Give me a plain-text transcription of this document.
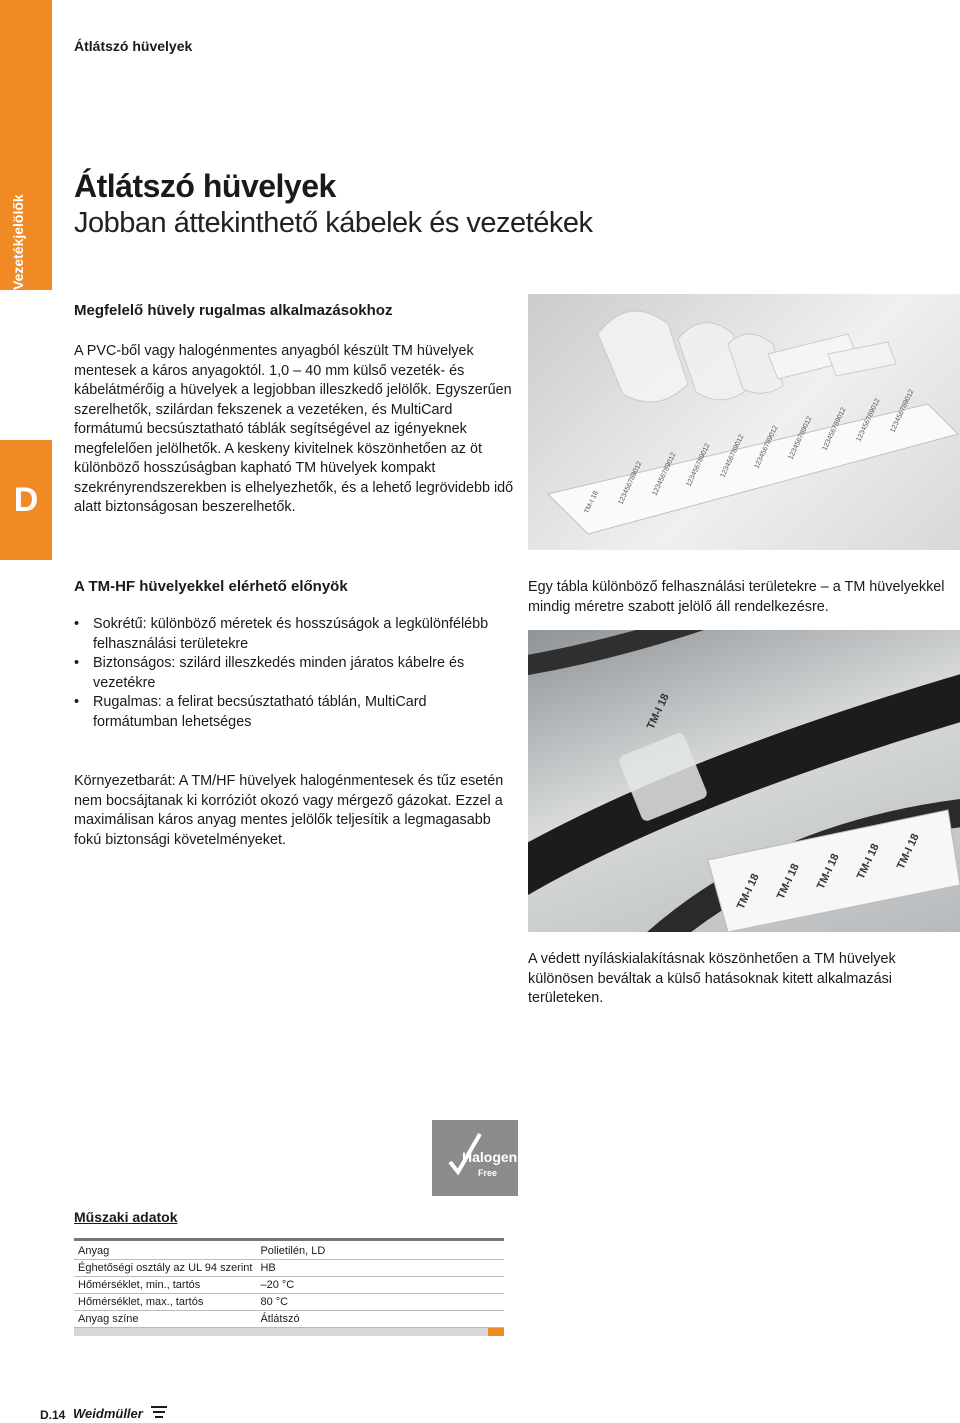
Vezetékjelölők
D
Átlátszó hüvelyek
Átlátszó hüvelyek
Jobban áttekinthető kábelek és vezetékek
Megfelelő hüvely rugalmas alkalmazásokhoz

A PVC-ből vagy halogénmentes anyagból készült TM hüvelyek mentesek a káros anyagoktól. 1,0 – 40 mm külső vezeték- és kábelátmérőig a hüvelyek a legjobban illeszkedő jelölők. Egyszerűen szerelhetők, szilárdan fekszenek a vezetéken, és MultiCard formátumú becsúsztatható táblák segítségével az igényeknek megfelelően jelölhetők. A keskeny kivitelnek köszönhetően az öt különböző hosszúságban kapható TM hüvelyek kompakt szekrényrendszerekben is elhelyezhetők, és a lehető legrövidebb idő alatt biztonságosan beszerelhetők.	TM-I 18 123456789012 123456789012 123456789012 123456789012 123456789012 123456789012 123456789012 123456789012 123456789012

Egy tábla különböző felhasználási területekre – a TM hüvelyekkel mindig méretre szabott jelölő áll rendelkezésre.

A TM-HF hüvelyekkel elérhető előnyök
• Sokrétű: különböző méretek és hosszúságok a legkülönfélébb felhasználási területekre
• Biztonságos: szilárd illeszkedés minden járatos kábelre és vezetékre
• Rugalmas: a felirat becsúsztatható táblán, MultiCard formátumban lehetséges	TM-I 18
TM-I 18 TM-I 18 TM-I 18 TM-I 18 TM-I 18

A védett nyíláskialakításnak köszönhetően a TM hüvelyek különösen beváltak a külső hatásoknak kitett alkalmazási területeken.

Környezetbarát: A TM/HF hüvelyek halogénmentesek és tűz esetén nem bocsájtanak ki korróziót okozó vagy mérgező gázokat. Ezzel a maximálisan káros anyag mentes jelölők teljesítik a legmagasabb fokú biztonsági követelményeket.

Halogen
Free
Műszaki adatok
Anyag	Polietilén, LD
Éghetőségi osztály az UL 94 szerint	HB
Hőmérséklet, min., tartós	–20 °C
Hőmérséklet, max., tartós	80 °C
Anyag színe	Átlátszó
D.14 Weidmüller
